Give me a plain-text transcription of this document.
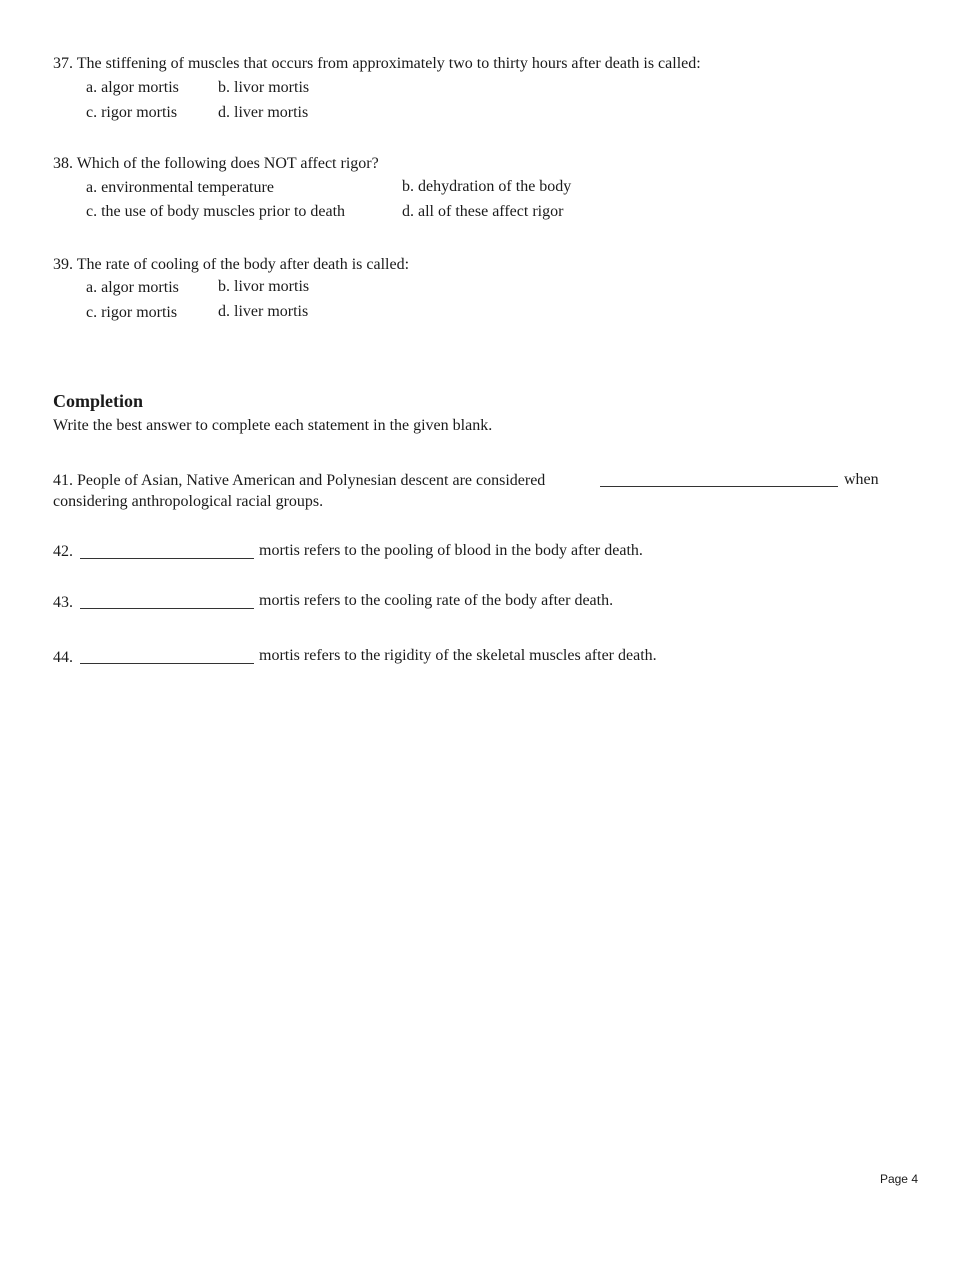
37. The stiffening of muscles that occurs from approximately two to thirty hours after death is called:
a. algor mortis b. livor mortis
c. rigor mortis	d. liver mortis
38. Which of the following does NOT affect rigor?
a. environmental temperature	b. dehydration of the body
c. the use of body muscles prior to death	d. all of these affect rigor
39. The rate of cooling of the body after death is called:
a. algor mortis b. livor mortis
c. rigor mortis	d. liver mortis
Completion
Write the best answer to complete each statement in the given blank.
41. People of Asian, Native American and Polynesian descent are considered	when
considering anthropological racial groups.
42.	mortis refers to the pooling of blood in the body after death.
43.	mortis refers to the cooling rate of the body after death.
44.	mortis refers to the rigidity of the skeletal muscles after death.
Page 4
